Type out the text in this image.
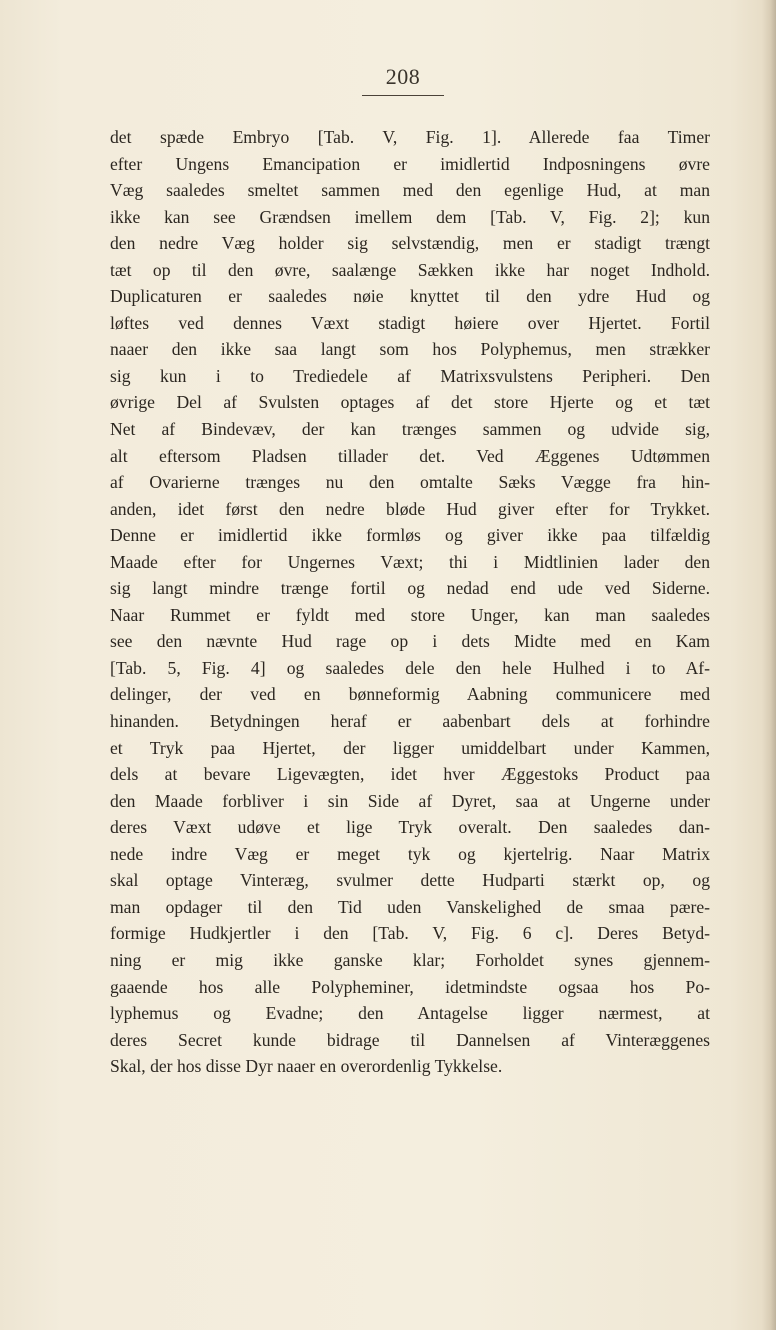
208
det spæde Embryo [Tab. V, Fig. 1]. Allerede faa Timer
efter Ungens Emancipation er imidlertid Indposningens øvre
Væg saaledes smeltet sammen med den egenlige Hud, at man
ikke kan see Grændsen imellem dem [Tab. V, Fig. 2]; kun
den nedre Væg holder sig selvstændig, men er stadigt trængt
tæt op til den øvre, saalænge Sækken ikke har noget Indhold.
Duplicaturen er saaledes nøie knyttet til den ydre Hud og
løftes ved dennes Væxt stadigt høiere over Hjertet. Fortil
naaer den ikke saa langt som hos Polyphemus, men strækker
sig kun i to Trediedele af Matrixsvulstens Peripheri. Den
øvrige Del af Svulsten optages af det store Hjerte og et tæt
Net af Bindevæv, der kan trænges sammen og udvide sig,
alt eftersom Pladsen tillader det. Ved Æggenes Udtømmen
af Ovarierne trænges nu den omtalte Sæks Vægge fra hin-
anden, idet først den nedre bløde Hud giver efter for Trykket.
Denne er imidlertid ikke formløs og giver ikke paa tilfældig
Maade efter for Ungernes Væxt; thi i Midtlinien lader den
sig langt mindre trænge fortil og nedad end ude ved Siderne.
Naar Rummet er fyldt med store Unger, kan man saaledes
see den nævnte Hud rage op i dets Midte med en Kam
[Tab. 5, Fig. 4] og saaledes dele den hele Hulhed i to Af-
delinger, der ved en bønneformig Aabning communicere med
hinanden. Betydningen heraf er aabenbart dels at forhindre
et Tryk paa Hjertet, der ligger umiddelbart under Kammen,
dels at bevare Ligevægten, idet hver Æggestoks Product paa
den Maade forbliver i sin Side af Dyret, saa at Ungerne under
deres Væxt udøve et lige Tryk overalt. Den saaledes dan-
nede indre Væg er meget tyk og kjertelrig. Naar Matrix
skal optage Vinteræg, svulmer dette Hudparti stærkt op, og
man opdager til den Tid uden Vanskelighed de smaa pære-
formige Hudkjertler i den [Tab. V, Fig. 6 c]. Deres Betyd-
ning er mig ikke ganske klar; Forholdet synes gjennem-
gaaende hos alle Polypheminer, idetmindste ogsaa hos Po-
lyphemus og Evadne; den Antagelse ligger nærmest, at
deres Secret kunde bidrage til Dannelsen af Vinteræggenes
Skal, der hos disse Dyr naaer en overordenlig Tykkelse.
